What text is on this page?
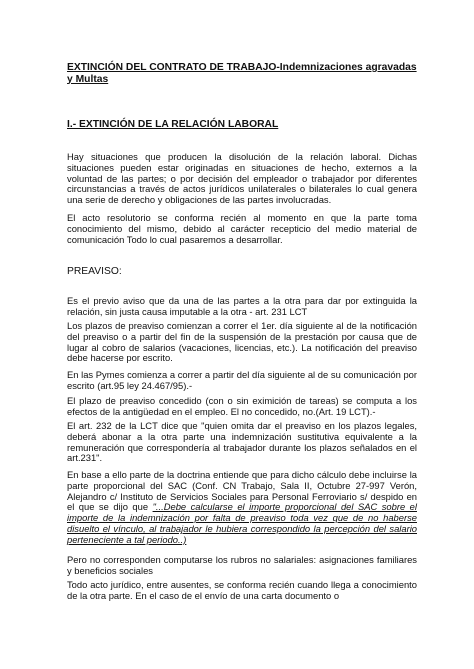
EXTINCIÓN DEL CONTRATO DE TRABAJO-Indemnizaciones agravadas y Multas

I.- EXTINCIÓN DE LA RELACIÓN LABORAL

Hay situaciones que producen la disolución de la relación laboral. Dichas situaciones pueden estar originadas en situaciones de hecho, externos a la voluntad de las partes; o por decisión del empleador o trabajador por diferentes circunstancias a través de actos jurídicos unilaterales o bilaterales lo cual genera una serie de derecho y obligaciones de las partes involucradas.

El acto resolutorio se conforma recién al momento en que la parte toma conocimiento del mismo, debido al carácter recepticio del medio material de comunicación Todo lo cual pasaremos a desarrollar.

PREAVISO:

Es el previo aviso que da una de las partes a la otra para dar por extinguida la relación, sin justa causa imputable a la otra - art. 231 LCT

Los plazos de preaviso comienzan a correr el 1er. día siguiente al de la notificación del preaviso o a partir del fin de la suspensión de la prestación por causa que de lugar al cobro de salarios (vacaciones, licencias, etc.). La notificación del preaviso debe hacerse por escrito.

En las Pymes comienza a correr a partir del día siguiente al de su comunicación por escrito (art.95 ley 24.467/95).-

El plazo de preaviso concedido (con o sin eximición de tareas) se computa a los efectos de la antigüedad en el empleo. El no concedido, no.(Art. 19 LCT).-

El art. 232 de la LCT dice que "quien omita dar el preaviso en los plazos legales, deberá abonar a la otra parte una indemnización sustitutiva equivalente a la remuneración que correspondería al trabajador durante los plazos señalados en el art.231".

En base a ello parte de la doctrina entiende que para dicho cálculo debe incluirse la parte proporcional del SAC (Conf. CN Trabajo, Sala II, Octubre 27-997 Verón, Alejandro c/ Instituto de Servicios Sociales para Personal Ferroviario s/ despido en el que se dijo que "...Debe calcularse el importe proporcional del SAC sobre el importe de la indemnización por falta de preaviso toda vez que de no haberse disuelto el vínculo, al trabajador le hubiera correspondido la percepción del salario perteneciente a tal periodo..)

Pero no corresponden computarse los rubros no salariales: asignaciones familiares y beneficios sociales

Todo acto jurídico, entre ausentes, se conforma recién cuando llega a conocimiento de la otra parte. En el caso de el envío de una carta documento o
